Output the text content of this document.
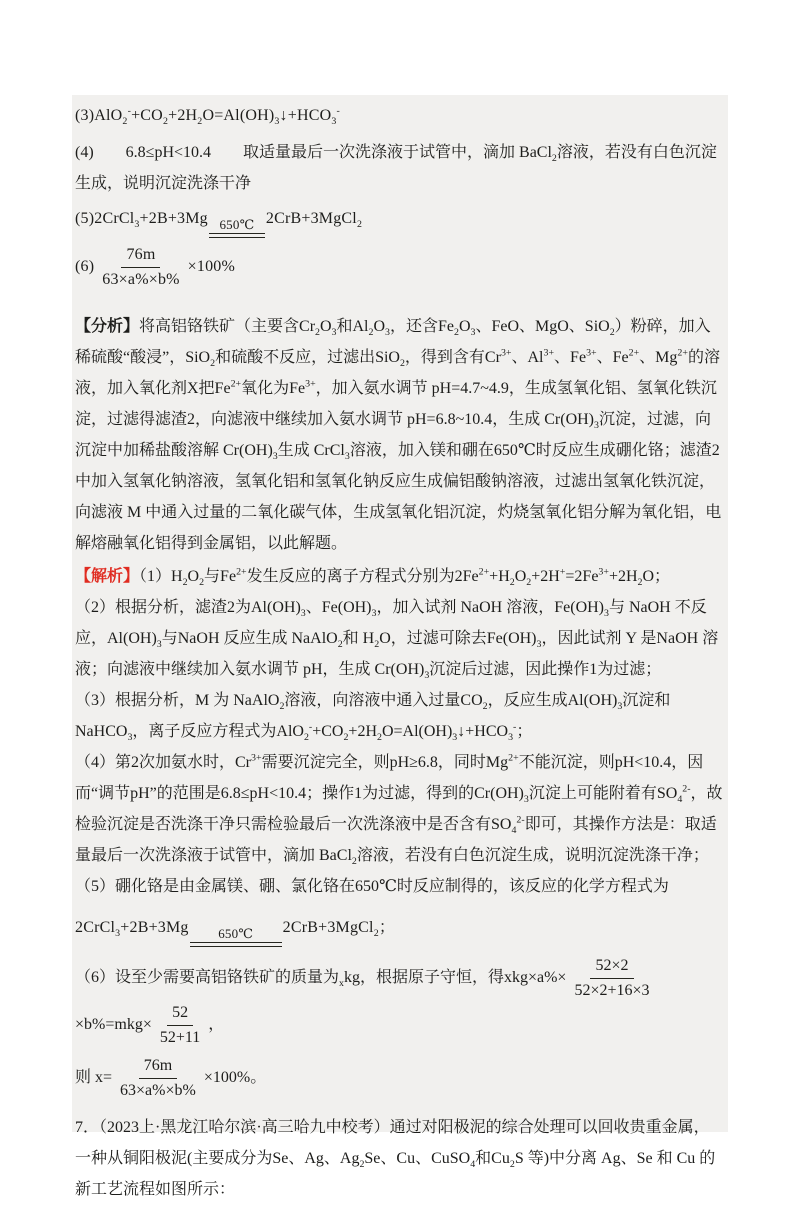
$(3)AlO_2^-+CO_2+2H_2O=Al(OH)_3↓+HCO_3^-$

(4)　　6.8≤pH<10.4　　取适量最后一次洗涤液于试管中，滴加 BaCl$_2$溶液，若没有白色沉淀生成，说明沉淀洗涤干净

(5)2CrCl$_3$+2B+3Mg 650℃ 2CrB+3MgCl$_2$

$(6) \frac{76m}{63\times a\%\times b\%} \times 100\%$

【分析】将高铝铬铁矿（主要含$Cr_2O_3$和$Al_2O_3$，还含$Fe_2O_3$、FeO、MgO、SiO$_2$）粉碎，加入稀硫酸“酸浸”，SiO$_2$和硫酸不反应，过滤出SiO$_2$，得到含有$Cr^{3+}$、$Al^{3+}$、$Fe^{3+}$、$Fe^{2+}$、$Mg^{2+}$的溶液，加入氧化剂X把$Fe^{2+}$氧化为$Fe^{3+}$，加入氨水调节 pH=4.7~4.9，生成氢氧化铝、氢氧化铁沉淀，过滤得滤渣2，向滤液中继续加入氨水调节 pH=6.8~10.4，生成 $Cr(OH)_3$沉淀，过滤，向沉淀中加稀盐酸溶解 $Cr(OH)_3$生成 CrCl$_3$溶液，加入镁和硼在650℃时反应生成硼化铬；滤渣2中加入氢氧化钠溶液，氢氧化铝和氢氧化钠反应生成偏铝酸钠溶液，过滤出氢氧化铁沉淀，向滤液 M 中通入过量的二氧化碳气体，生成氢氧化铝沉淀，灼烧氢氧化铝分解为氧化铝，电解熔融氧化铝得到金属铝，以此解题。

【解析】$(1)H_2O_2$与$Fe^{2+}$发生反应的离子方程式分别为$2Fe^{2+}+H_2O_2+2H^+=2Fe^{3+}+2H_2O$；

（2）根据分析，滤渣2为$Al(OH)_3$、$Fe(OH)_3$，加入试剂 NaOH 溶液，$Fe(OH)_3$与 NaOH 不反应，$Al(OH)_3$与NaOH 反应生成 NaAlO$_2$和 $H_2O$，过滤可除去$Fe(OH)_3$，因此试剂 Y 是NaOH 溶液；向滤液中继续加入氨水调节 pH，生成 $Cr(OH)_3$沉淀后过滤，因此操作1为过滤；

（3）根据分析，M 为 NaAlO$_2$溶液，向溶液中通入过量$CO_2$，反应生成$Al(OH)_3$沉淀和 NaHCO$_3$，离子反应方程式为$AlO_2^-+CO_2+2H_2O=Al(OH)_3↓+HCO_3^-$；

（4）第2次加氨水时，$Cr^{3+}$需要沉淀完全，则pH≥6.8，同时$Mg^{2+}$不能沉淀，则pH<10.4，因而“调节pH”的范围是6.8≤pH<10.4；操作1为过滤，得到的$Cr(OH)_3$沉淀上可能附着有$SO_4^{2-}$，故检验沉淀是否洗涤干净只需检验最后一次洗涤液中是否含有$SO_4^{2-}$即可，其操作方法是：取适量最后一次洗涤液于试管中，滴加 BaCl$_2$溶液，若没有白色沉淀生成，说明沉淀洗涤干净；

（5）硼化铬是由金属镁、硼、氯化铬在650℃时反应制得的，该反应的化学方程式为

2CrCl$_3$+2B+3Mg 650℃ 2CrB+3MgCl$_2$；

（6）设至少需要高铝铬铁矿的质量为$_x$kg，根据原子守恒，得$xkg\times a\%\times \frac{52\times 2}{52\times 2+16\times 3}$
$\times b\%=mkg\times \frac{52}{52+11}$ ，

则 $x= \frac{76m}{63\times a\%\times b\%} \times 100\%$。

7．（2023上·黑龙江哈尔滨·高三哈九中校考）通过对阳极泥的综合处理可以回收贵重金属，一种从铜阳极泥(主要成分为Se、Ag、$Ag_2Se$、Cu、CuSO$_4$和$Cu_2S$ 等)中分离 Ag、Se 和 Cu 的新工艺流程如图所示：
